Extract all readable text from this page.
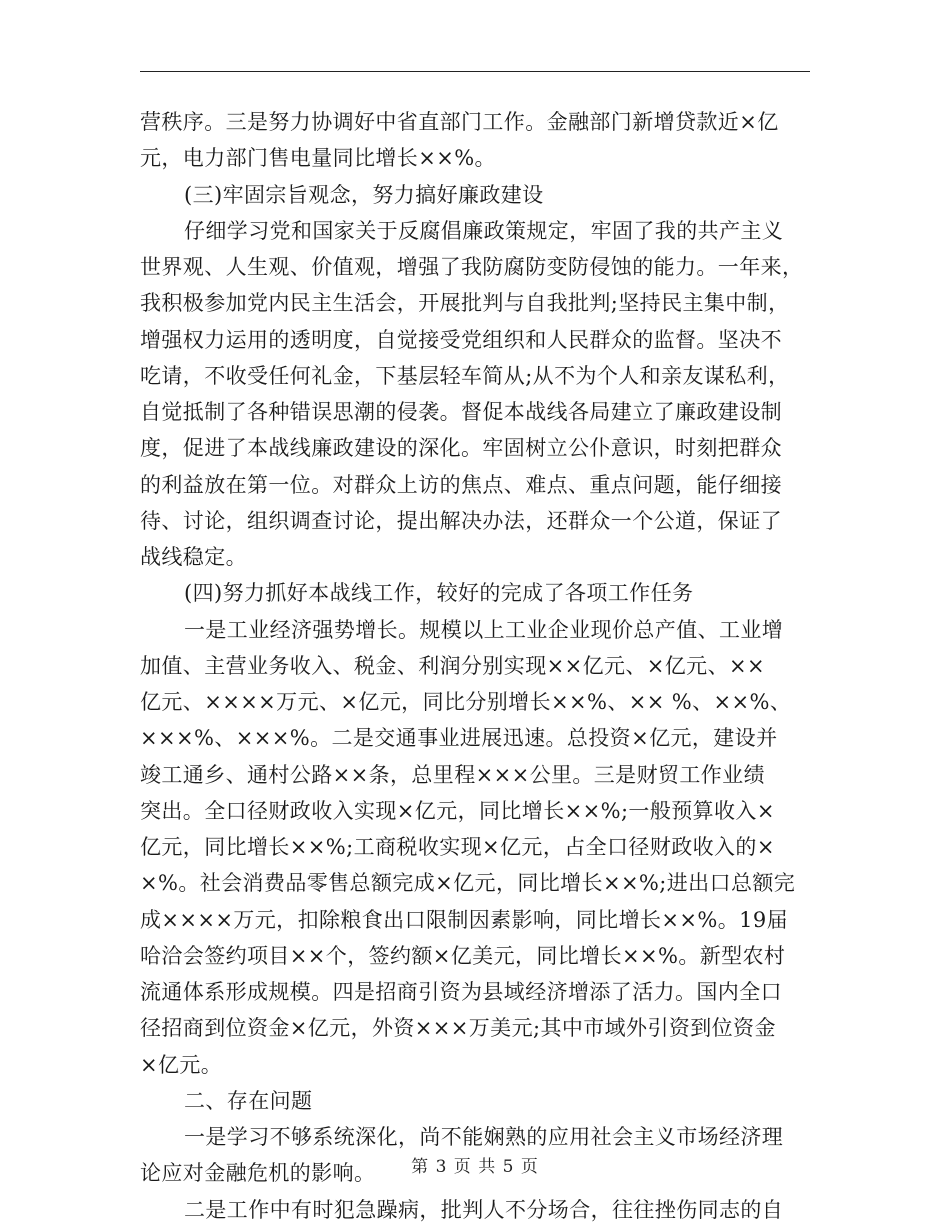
营秩序。三是努力协调好中省直部门工作。金融部门新增贷款近×亿
元，电力部门售电量同比增长××%。
(三)牢固宗旨观念，努力搞好廉政建设
仔细学习党和国家关于反腐倡廉政策规定，牢固了我的共产主义
世界观、人生观、价值观，增强了我防腐防变防侵蚀的能力。一年来，
我积极参加党内民主生活会，开展批判与自我批判;坚持民主集中制，
增强权力运用的透明度，自觉接受党组织和人民群众的监督。坚决不
吃请，不收受任何礼金，下基层轻车简从;从不为个人和亲友谋私利，
自觉抵制了各种错误思潮的侵袭。督促本战线各局建立了廉政建设制
度，促进了本战线廉政建设的深化。牢固树立公仆意识，时刻把群众
的利益放在第一位。对群众上访的焦点、难点、重点问题，能仔细接
待、讨论，组织调查讨论，提出解决办法，还群众一个公道，保证了
战线稳定。
(四)努力抓好本战线工作，较好的完成了各项工作任务
一是工业经济强势增长。规模以上工业企业现价总产值、工业增
加值、主营业务收入、税金、利润分别实现××亿元、×亿元、××
亿元、××××万元、×亿元，同比分别增长××%、×× %、××%、
×××%、×××%。二是交通事业进展迅速。总投资×亿元，建设并
竣工通乡、通村公路××条，总里程×××公里。三是财贸工作业绩
突出。全口径财政收入实现×亿元，同比增长××%;一般预算收入×
亿元，同比增长××%;工商税收实现×亿元，占全口径财政收入的×
×%。社会消费品零售总额完成×亿元，同比增长××%;进出口总额完
成××××万元，扣除粮食出口限制因素影响，同比增长××%。19届
哈洽会签约项目××个，签约额×亿美元，同比增长××%。新型农村
流通体系形成规模。四是招商引资为县域经济增添了活力。国内全口
径招商到位资金×亿元，外资×××万美元;其中市域外引资到位资金
×亿元。
二、存在问题
一是学习不够系统深化，尚不能娴熟的应用社会主义市场经济理
论应对金融危机的影响。
二是工作中有时犯急躁病，批判人不分场合，往往挫伤同志的自
第 3 页 共 5 页
